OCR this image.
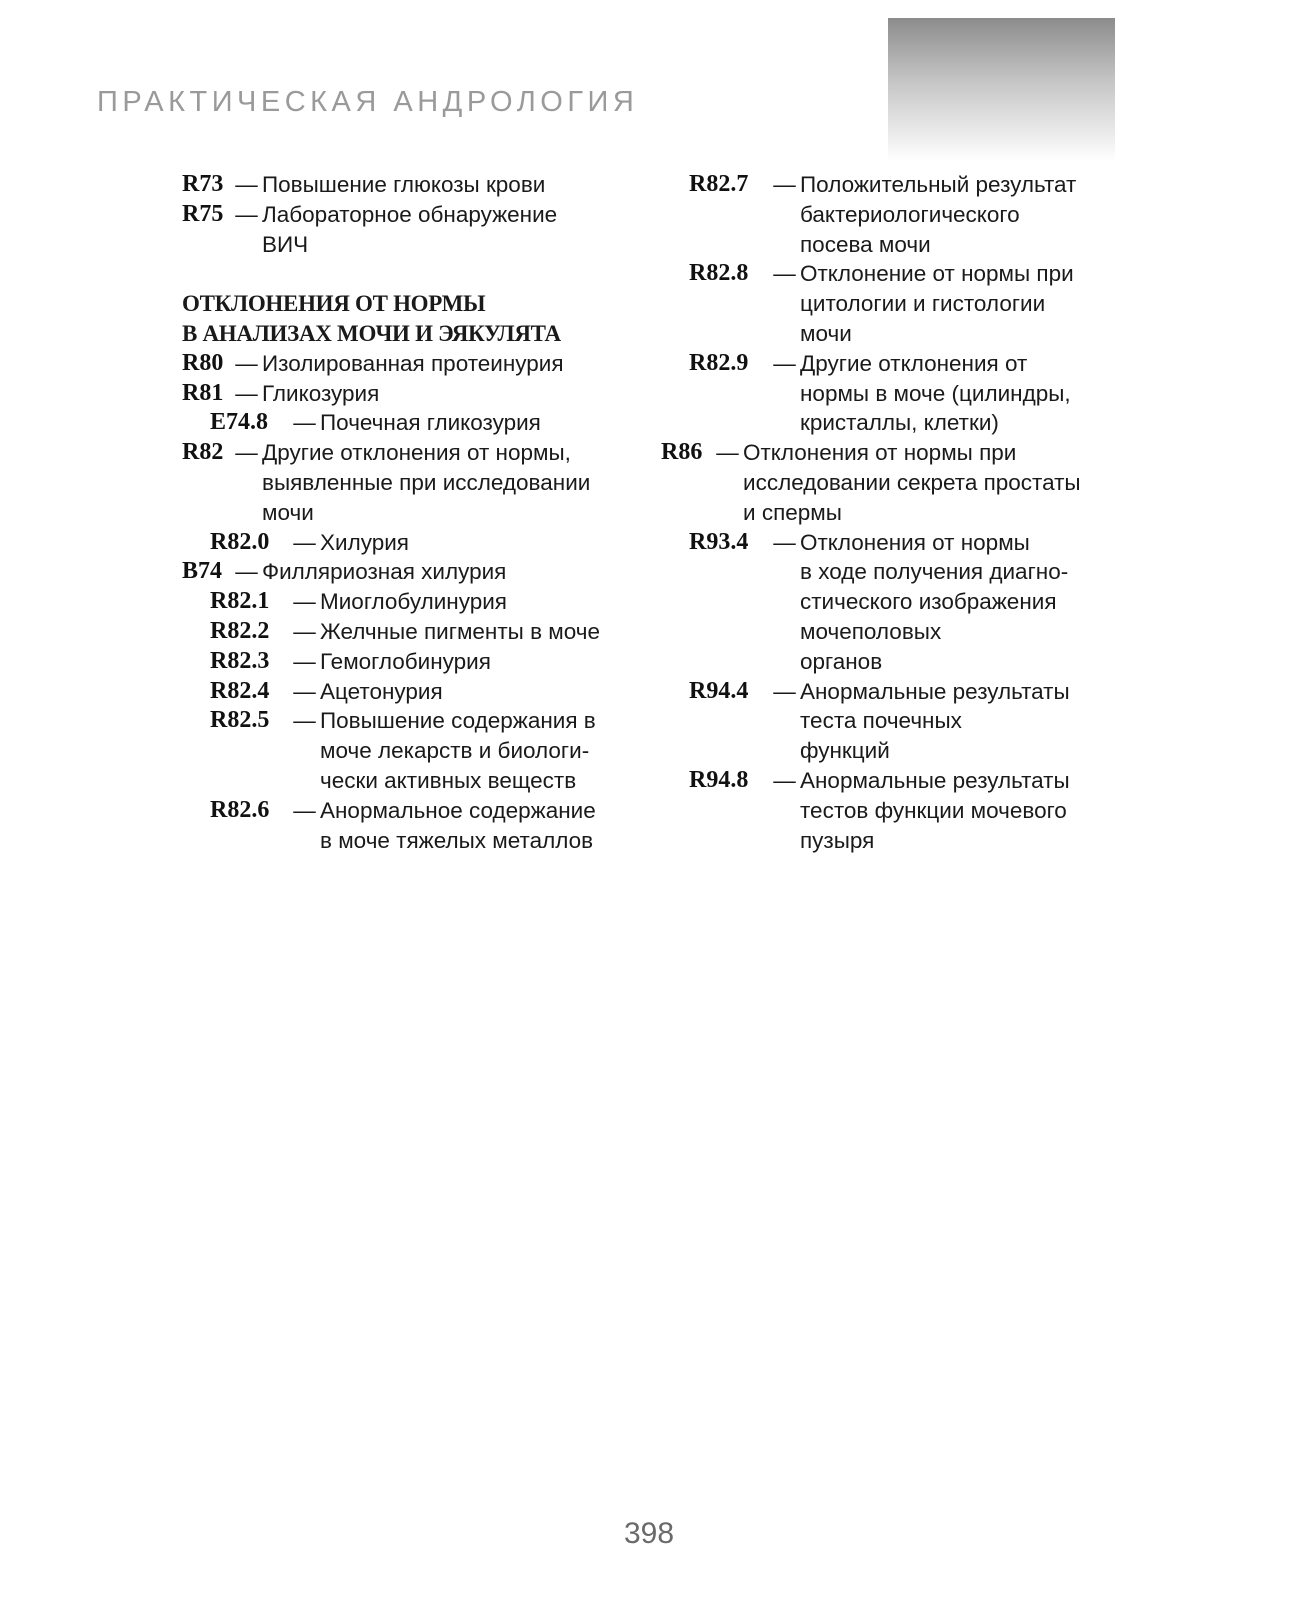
ПРАКТИЧЕСКАЯ АНДРОЛОГИЯ
R73 — Повышение глюкозы крови
R75 — Лабораторное обнаружение
ВИЧ
ОТКЛОНЕНИЯ ОТ НОРМЫ
В АНАЛИЗАХ МОЧИ И ЭЯКУЛЯТА
R80 — Изолированная протеинурия
R81 — Гликозурия
E74.8	— Почечная гликозурия
R82 — Другие отклонения от нормы,
выявленные при исследовании
мочи
R82.0	— Хилурия
B74 — Филляриозная хилурия
R82.1	— Миоглобулинурия
R82.2	— Желчные пигменты в моче
R82.3	— Гемоглобинурия
R82.4	— Ацетонурия
R82.5	— Повышение содержания в
моче лекарств и биологи-
чески активных веществ
R82.6	— Анормальное содержание
в моче тяжелых металлов
R82.7	— Положительный результат
бактериологического
посева мочи
R82.8	— Отклонение от нормы при
цитологии и гистологии
мочи
R82.9	— Другие отклонения от
нормы в моче (цилиндры,
кристаллы, клетки)
R86 — Отклонения от нормы при
исследовании секрета простаты
и спермы
R93.4	— Отклонения от нормы
в ходе получения диагно-
стического изображения
мочеполовых
органов
R94.4	— Анормальные результаты
теста почечных
функций
R94.8	— Анормальные результаты
тестов функции мочевого
пузыря
398
